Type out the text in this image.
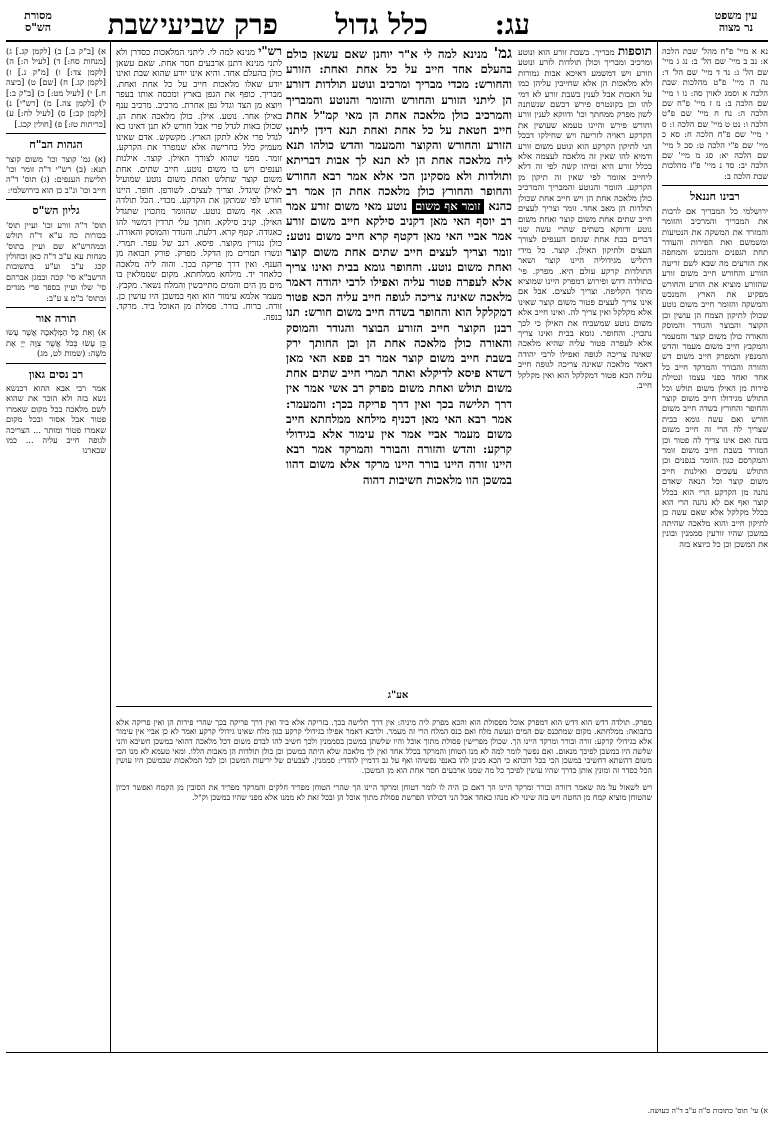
עין משפט
נר מצוה
עג:
כלל גדול
פרק שביעי
שבת
מסורת
הש"ס

נא א מיי' פ"ח מהל' שבת הלכה א: נב ב מיי' שם הל' ב: נג ג מיי' שם הל' ג: נד ד מיי' שם הל' ד: נה ה מיי' פ"ט מהלכות שבת הלכה א וסמג לאוין סה: נו ו מיי' שם הלכה ב: נז ז מיי' פ"ח שם הלכה ה: נח ח מיי' שם פ"ט הלכה ו: נט ט מיי' שם הלכה ז: ס י מיי' שם פ"ח הלכה ח: סא כ מיי' שם פ"י הלכה ט: סב ל מיי' שם הלכה יא: סג מ מיי' שם הלכה יב: סד נ מיי' פ"ז מהלכות שבת הלכה ב:

רבינו חננאל

ירושלמי כל המבריך אם לרבות את המבריך והמרכיב והזומר והמזרד את המשקה את הנטיעות ומשמשם ואת הפירות והעודר תחת הגפנים והמנכש והמחפה את הזרעים מה שבא לשם זריעה הזורע והחורש חייב משום זורע שהזורע מוציא את הזרע והחורש מפקיע את הארץ והמנכש והמשקה והזומר חייב משום נוטע שכולן לתיקון הצמח הן עושין וכן הקוצר והבוצר והגודר והמוסק והאורה כולן משום קוצר והמעמר והמקבץ חייב משום מעמר והדש והמנפץ והמפרק חייב משום דש והזורה והבורר והמרקד חייב כל אחד ואחד בפני עצמו ונטילת פירות מן האילן משום תולש וכל התולש מגידולו חייב משום קוצר והחופר והחורץ בשדה חייב משום חורש ואם עשה גומא בבית שצריך לה הרי זה חייב משום בונה ואם אינו צריך לה פטור וכן המזרד בשבת חייב משום זומר והמקרסם כגון הזומר בגפנים וכן התולש עשבים ואילנות חייב משום קוצר וכל הנאה שאדם נהנה מן הקרקע הרי הוא בכלל קוצר ואף אם לא נהנה הרי הוא בכלל מקלקל אלא שאם עשה כן לתיקון חייב והוא מלאכה שהיתה במשכן שהיו זורעין סממנין ובונין את המשכן וכן כל כיוצא בזה

א) [ב"ק ב.] ב) [לקמן קג.] ג) [מנחות סח:] ד) [לעיל ה:] ה) [לקמן צד:] ו) [מ"ק ג.] ז) [לקמן קג.] ח) [שם] ט) [ביצה ח.] י) [לעיל מט:] כ) [ב"ק ב:] ל) [לקמן צה.] מ) [רש"י] נ) [לקמן קב:] ס) [לעיל לח:] ע) [כריתות טז:] פ) [חולין קכג.]

הגהות הב"ח

(א) גמ' קוצר וכו' משום קוצר תנא: (ב) רש"י ד"ה זומר וכו' תלישת הענפים: (ג) תוס' ד"ה חייב וכו' ונ"ב כן הוא בירושלמי:

גליון הש"ס

תוס' ד"ה זורע וכו' ועיין תוס' בכורות כה ע"א ד"ה תולש ובמהרש"א שם ועיין בתוס' מנחות עא ע"ב ד"ה כאן ובחולין קכג ע"ב וע"ע בתשובות הרשב"א סי' קכה ובמגן אברהם סי' שלו ועיין בספר פרי מגדים ובתוס' ב"מ צ ע"ב:

תורה אור

א) וְאֵת כָּל הַמְּלָאכָה אֲשֶׁר עָשׂוּ כֵּן עָשׂוּ כְּכֹל אֲשֶׁר צִוָּה יְיָ אֶת מֹשֶׁה: (שמות לט, מג)

רב נסים גאון

אמר רבי אבא ההוא דכנשא נשא בזה ולא הוכר את שהוא לשם מלאכה בכל מקום שאמרו פטור אבל אסור ובכל מקום שאמרו פטור ומותר ... הצריכה לגופה חייב עליה ... כמו שבארנו

תוספות מבריך. בשבת זורע הוא ונוטע ומרכיב ומבריך וכולן תולדות לזרע ונוטע וזורע ויש דמשמע דאיכא אבות גמורות ולא מלאכות הן אלא שחייבין עליהן כמו על האבות אבל לענין בשבת זורע לא דמי להו וכן בקונטרס פירש דכשם שנשתנה לשון מפרק ממחתך וכו' ודווקא לענין זורע וחורש פירש והיינו טעמא שעושין את הקרקע ראויה לזריעה ויש שחילקו דבכל הני לתיקון הקרקע הוא ונוטע משום זורע ודמיא להו שאין זה מלאכה לעצמה אלא בכלל זורע היא ומיהו קשה לפי זה דלא ליחייב אזומר לפי שאין זה תיקון מן הקרקע. הזומר והנוטע והמבריך והמרכיב כולן מלאכה אחת הן ויש חייב אחת שכולן תולדות הן מאב אחד. זומר וצריך לעצים חייב שתים אחת משום קוצר ואחת משום נוטע ודווקא בשתים שהרי עשה שני דברים בבת אחת שגוזם הענפים לצורך העצים ולתיקון האילן. קוצר. כל מידי דתליש מגידוליה היינו קוצר ושאר התולדות קרקע עולם היא. מפרק. פי' בתולדה דדש ופירוש דמפרק היינו שמוציא מתוך הקליפה. וצריך לעצים. אבל אם אינו צריך לעצים פטור משום קוצר שאינו אלא מקלקל ואין צריך לה. ואינו חייב אלא משום נוטע שמשביח את האילן כי לכך נתכוין. והחופר. גומא בבית ואינו צריך אלא לעפרה פטור עליה שהיא מלאכה שאינה צריכה לגופה ואפילו לרבי יהודה דאמר מלאכה שאינה צריכה לגופה חייב עליה הכא פטור דמקלקל הוא ואין מקלקל חייב.

גמ' מנינא למה לי א"ר יוחנן שאם עשאן כולם בהעלם אחד חייב על כל אחת ואחת: הזורע והחורש: מכדי מבריך ומרכיב ונוטע תולדות דזורע הן ליתני הזורע והחורש והזומר והנוטע והמבריך והמרכיב כולן מלאכה אחת הן מאי קמ"ל אחת חייב חטאת על כל אחת ואחת תנא דידן ליתני הזורע והחורש והקוצר והמעמר והדש כולהו תנא ליה מלאכה אחת הן לא תנא לך אבות דבריתא ותולדות ולא מסקינן הכי אלא אמר רבא החורש והחופר והחורץ כולן מלאכה אחת הן אמר רב כהנא זומר אף משום נוטע מאי משום זורע אמר רב יוסף האי מאן דקניב סילקא חייב משום זורע אמר אביי האי מאן דקטף קרא חייב משום נוטע: זומר וצריך לעצים חייב שתים אחת משום קוצר ואחת משום נוטע. והחופר גומא בבית ואינו צריך אלא לעפרה פטור עליה ואפילו לרבי יהודה דאמר מלאכה שאינה צריכה לגופה חייב עליה הכא פטור דמקלקל הוא והחופר בשדה חייב משום חורש: תנו רבנן הקוצר חייב הזורע הבוצר והגודר והמוסק והאורה כולן מלאכה אחת הן וכן החותך ירק בשבת חייב משום קוצר אמר רב פפא האי מאן דשדא פיסא לדיקלא ואתר תמרי חייב שתים אחת משום תולש ואחת משום מפרק רב אשי אמר אין דרך תלישה בכך ואין דרך פריקה בכך: והמעמר: אמר רבא האי מאן דכניף מילחא ממלחתא חייב משום מעמר אביי אמר אין עימור אלא בגידולי קרקע: והדש והזורה והבורר והמרקד אמר רבא היינו זורה היינו בורר היינו מרקד אלא משום דהוו במשכן הוו מלאכות חשיבות דהוה

אע"ג

רש"י מנינא למה לי. ליתני המלאכות כסדרן ולא לתני מנינא דתנן ארבעים חסר אחת. שאם עשאן כולן בהעלם אחד. והיא אינו יודע שהוא שבת ואינו יודע שאלו מלאכות חייב על כל אחת ואחת. מבריך. כופף את הגפן בארץ ומכסה אותו בעפר ויוצא מן הצד וגדל גפן אחרת. מרכיב. מרכיב ענף באילן אחר. נוטע. אילן. כולן מלאכה אחת הן. שכולן באות לגדל פרי אבל חורש לא תנן דאינו בא לגדל פרי אלא לתקן הארץ. מקשקש. אדם שאינו מעמיק כלל בחרישה אלא שמפרר את הקרקע. זומר. מפני שהוא לצורך האילן. קוצר. אילנות וענפים ויש בו משום נוטע. חייב שתים. אחת משום קוצר שתלש ואחת משום נוטע שמועיל לאילן שיגדל. וצריך לעצים. לשורפן. חופר. היינו חורש לפי שמתקן את הקרקע. מכדי. הכל תולדה הוא. אף משום נוטע. שהזומר מתכוין שתגדל האילן. קניב סילקא. חותך עלי תרדין דמשוי להו כאגודה. קטף קרא. דלעת. והגודר והמוסק והאורה. כולן נגזרין מקוצר. פיסא. רגב של עפר. תמרי. ונשרו תמרים מן הדקל. מפרק. פורק תבואה מן הענף. ואין דרך פריקה בכך. והוה ליה מלאכה כלאחר יד. מילחא ממלחתא. מקום שממלאין בו מים מן הים והמים מתייבשין והמלח נשאר. מקבץ. מעמר אלמא עימור הוא ואף במשכן היו עושין כן. זורה. ברוח. בורר. פסולת מן האוכל ביד. מרקד. בנפה.

מפרק. תולדה דדש הוא דדש הוא דמפרק אוכל מפסולת הוא והכא מפרק ליה מיניה: אין דרך תלישה בכך. בזריקה אלא ביד ואין דרך פריקה בכך שהרי פירות הן ואין פריקה אלא בתבואה: ממלחתא. מקום שמתכנס שם המים ונעשה מלח ואם כנס המלח הרי זה מעמר. ולרבא דאמר אפילו בגידולי קרקע כגון מלח שאינו גידולי קרקע ואמר לא כן אביי אין עימור אלא בגידולי קרקע: זורה ובורר ומרקד היינו הך. שכולן מפרישין פסולת מתוך אוכל והיו שלשתן במשכן בסממנין ולכך חשיב להו לבדם משום דכל מלאכה דהואי במשכן חשיבא והני שלשה היו במשכן לפיכך מנאום. ואם נפשך לומר למה לא מנו הטוחן והמרקד בכלל אחד ואין לך מלאכה שלא היתה במשכן וכן כולן תולדות הן מאבות הללו. ומאי טעמא לא מנו הכי משום דהשתא דחשיבי במשכן הכי בכל דוכתא כי הכא מנינן להו באנפי נפשיהו ואף על גב דדמיין להדדי: סממנין. לצבעים של יריעות המשכן וכן לכל המלאכות שבמשכן היו עושין הכל כסדר זה ומונין אותן כדרך שהיו עושין לפיכך כל מה שמנו ארבעים חסר אחת הוא מן המשכן.

ויש לשאול על מה שאמר דזורה ובורר ומרקד היינו הך דאם כן היה לו לומר דטוחן ומרקד היינו הך שהרי הטוחן מפריד חלקים והמרקד מפריד את הסובין מן הקמח ואפשר דכיון שהטוחן מוציא קמח מן החטה ויש בזה שינוי לא מנהו כאחד אבל הני דכולהו הפרשת פסולת מתוך אוכל הן ובכל זאת לא ממנו אלא מפני שהיו במשכן וק"ל.

א) עי' תוס' כתובות ס"ה ע"ב ד"ה כעושה.
